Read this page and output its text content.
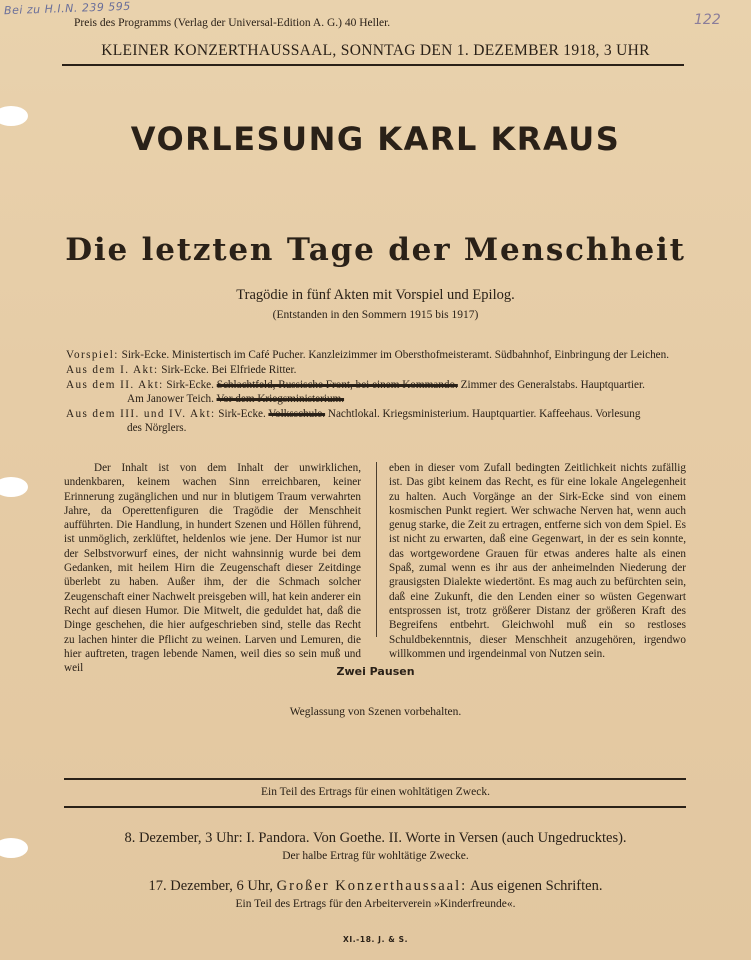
Bei zu H.I.N. 239 595
122
Preis des Programms (Verlag der Universal-Edition A. G.) 40 Heller.
KLEINER KONZERTHAUSSAAL, SONNTAG DEN 1. DEZEMBER 1918, 3 UHR
VORLESUNG KARL KRAUS
Die letzten Tage der Menschheit
Tragödie in fünf Akten mit Vorspiel und Epilog.
(Entstanden in den Sommern 1915 bis 1917)
Vorspiel: Sirk-Ecke. Ministertisch im Café Pucher. Kanzleizimmer im Obersthofmeisteramt. Südbahnhof, Einbringung der Leichen.
Aus dem I. Akt: Sirk-Ecke. Bei Elfriede Ritter.
Aus dem II. Akt: Sirk-Ecke. Schlachtfeld, Russische Front, bei einem Kommando. Zimmer des Generalstabs. Hauptquartier.
Am Janower Teich. Vor dem Kriegsministerium.
Aus dem III. und IV. Akt: Sirk-Ecke. Volksschule. Nachtlokal. Kriegsministerium. Hauptquartier. Kaffeehaus. Vorlesung
des Nörglers.
Der Inhalt ist von dem Inhalt der unwirklichen, undenkbaren, keinem wachen Sinn erreichbaren, keiner Erinnerung zugänglichen und nur in blutigem Traum verwahrten Jahre, da Operettenfiguren die Tragödie der Menschheit aufführten. Die Handlung, in hundert Szenen und Höllen führend, ist unmöglich, zerklüftet, heldenlos wie jene. Der Humor ist nur der Selbstvorwurf eines, der nicht wahnsinnig wurde bei dem Gedanken, mit heilem Hirn die Zeugenschaft dieser Zeitdinge überlebt zu haben. Außer ihm, der die Schmach solcher Zeugenschaft einer Nachwelt preisgeben will, hat kein anderer ein Recht auf diesen Humor. Die Mitwelt, die geduldet hat, daß die Dinge geschehen, die hier aufgeschrieben sind, stelle das Recht zu lachen hinter die Pflicht zu weinen. Larven und Lemuren, die hier auftreten, tragen lebende Namen, weil dies so sein muß und weil
eben in dieser vom Zufall bedingten Zeitlichkeit nichts zufällig ist. Das gibt keinem das Recht, es für eine lokale Angelegenheit zu halten. Auch Vorgänge an der Sirk-Ecke sind von einem kosmischen Punkt regiert. Wer schwache Nerven hat, wenn auch genug starke, die Zeit zu ertragen, entferne sich von dem Spiel. Es ist nicht zu erwarten, daß eine Gegenwart, in der es sein konnte, das wortgewordene Grauen für etwas anderes halte als einen Spaß, zumal wenn es ihr aus der anheimelnden Niederung der grausigsten Dialekte wiedertönt. Es mag auch zu befürchten sein, daß eine Zukunft, die den Lenden einer so wüsten Gegenwart entsprossen ist, trotz größerer Distanz der größeren Kraft des Begreifens entbehrt. Gleichwohl muß ein so restloses Schuldbekenntnis, dieser Menschheit anzugehören, irgendwo willkommen und irgendeinmal von Nutzen sein.
Zwei Pausen
Weglassung von Szenen vorbehalten.
Ein Teil des Ertrags für einen wohltätigen Zweck.
8. Dezember, 3 Uhr: I. Pandora. Von Goethe. II. Worte in Versen (auch Ungedrucktes).
Der halbe Ertrag für wohltätige Zwecke.
17. Dezember, 6 Uhr, Großer Konzerthaussaal: Aus eigenen Schriften.
Ein Teil des Ertrags für den Arbeiterverein »Kinderfreunde«.
XI.-18. J. & S.
